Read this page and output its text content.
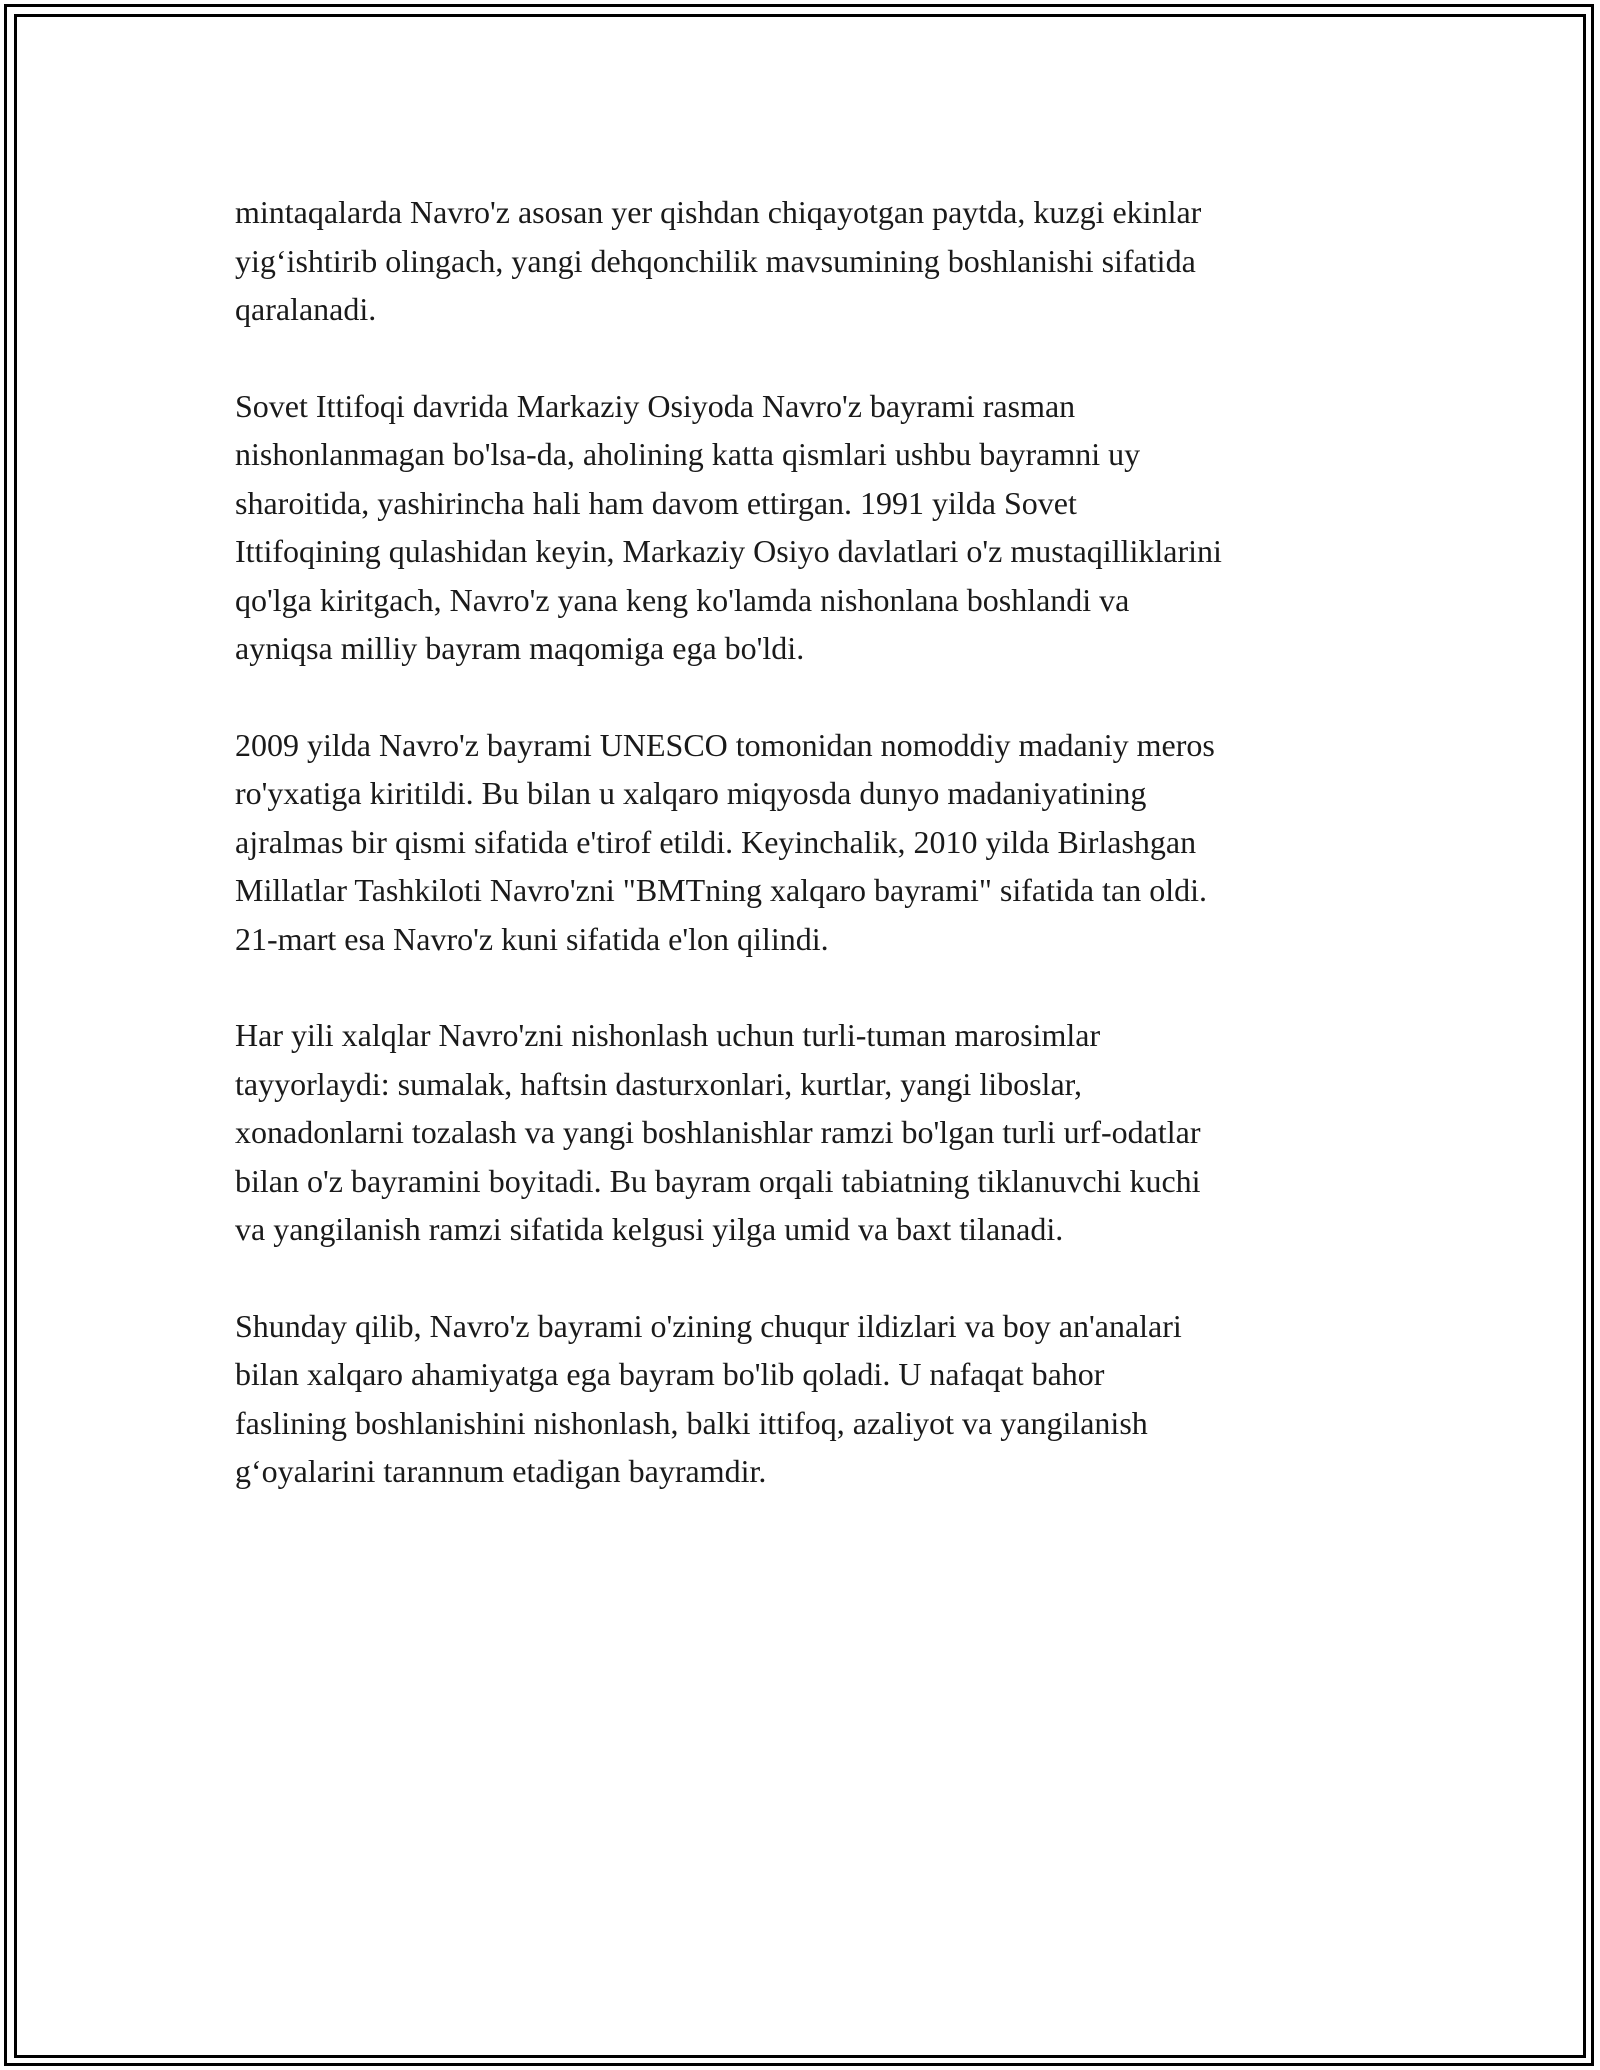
mintaqalarda Navro'z asosan yer qishdan chiqayotgan paytda, kuzgi ekinlar
yig‘ishtirib olingach, yangi dehqonchilik mavsumining boshlanishi sifatida
qaralanadi.

Sovet Ittifoqi davrida Markaziy Osiyoda Navro'z bayrami rasman
nishonlanmagan bo'lsa-da, aholining katta qismlari ushbu bayramni uy
sharoitida, yashirincha hali ham davom ettirgan. 1991 yilda Sovet
Ittifoqining qulashidan keyin, Markaziy Osiyo davlatlari o'z mustaqilliklarini
qo'lga kiritgach, Navro'z yana keng ko'lamda nishonlana boshlandi va
ayniqsa milliy bayram maqomiga ega bo'ldi.

2009 yilda Navro'z bayrami UNESCO tomonidan nomoddiy madaniy meros
ro'yxatiga kiritildi. Bu bilan u xalqaro miqyosda dunyo madaniyatining
ajralmas bir qismi sifatida e'tirof etildi. Keyinchalik, 2010 yilda Birlashgan
Millatlar Tashkiloti Navro'zni "BMTning xalqaro bayrami" sifatida tan oldi.
21-mart esa Navro'z kuni sifatida e'lon qilindi.

Har yili xalqlar Navro'zni nishonlash uchun turli-tuman marosimlar
tayyorlaydi: sumalak, haftsin dasturxonlari, kurtlar, yangi liboslar,
xonadonlarni tozalash va yangi boshlanishlar ramzi bo'lgan turli urf-odatlar
bilan o'z bayramini boyitadi. Bu bayram orqali tabiatning tiklanuvchi kuchi
va yangilanish ramzi sifatida kelgusi yilga umid va baxt tilanadi.

Shunday qilib, Navro'z bayrami o'zining chuqur ildizlari va boy an'analari
bilan xalqaro ahamiyatga ega bayram bo'lib qoladi. U nafaqat bahor
faslining boshlanishini nishonlash, balki ittifoq, azaliyot va yangilanish
g‘oyalarini tarannum etadigan bayramdir.
